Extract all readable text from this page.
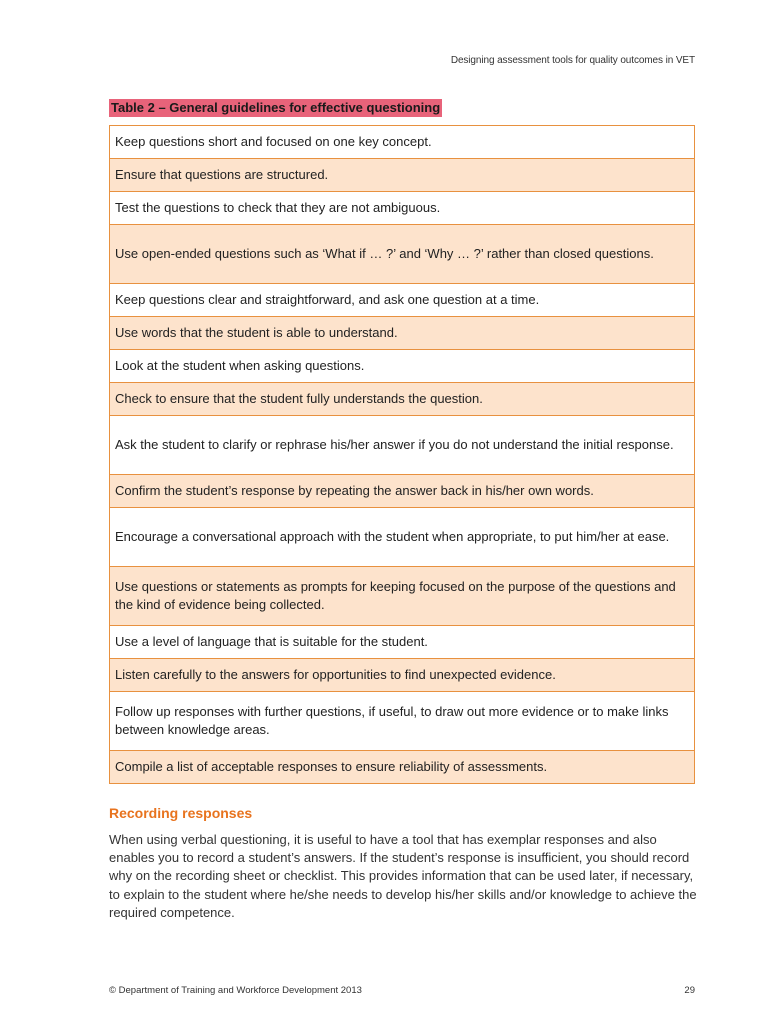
Designing assessment tools for quality outcomes in VET
Table 2 – General guidelines for effective questioning
Keep questions short and focused on one key concept.
Ensure that questions are structured.
Test the questions to check that they are not ambiguous.
Use open-ended questions such as ‘What if … ?’ and ‘Why … ?’ rather than closed questions.
Keep questions clear and straightforward, and ask one question at a time.
Use words that the student is able to understand.
Look at the student when asking questions.
Check to ensure that the student fully understands the question.
Ask the student to clarify or rephrase his/her answer if you do not understand the initial response.
Confirm the student’s response by repeating the answer back in his/her own words.
Encourage a conversational approach with the student when appropriate, to put him/her at ease.
Use questions or statements as prompts for keeping focused on the purpose of the questions and the kind of evidence being collected.
Use a level of language that is suitable for the student.
Listen carefully to the answers for opportunities to find unexpected evidence.
Follow up responses with further questions, if useful, to draw out more evidence or to make links between knowledge areas.
Compile a list of acceptable responses to ensure reliability of assessments.
Recording responses

When using verbal questioning, it is useful to have a tool that has exemplar responses and also enables you to record a student’s answers. If the student’s response is insufficient, you should record why on the recording sheet or checklist. This provides information that can be used later, if necessary, to explain to the student where he/she needs to develop his/her skills and/or knowledge to achieve the required competence.

© Department of Training and Workforce Development 2013	29
